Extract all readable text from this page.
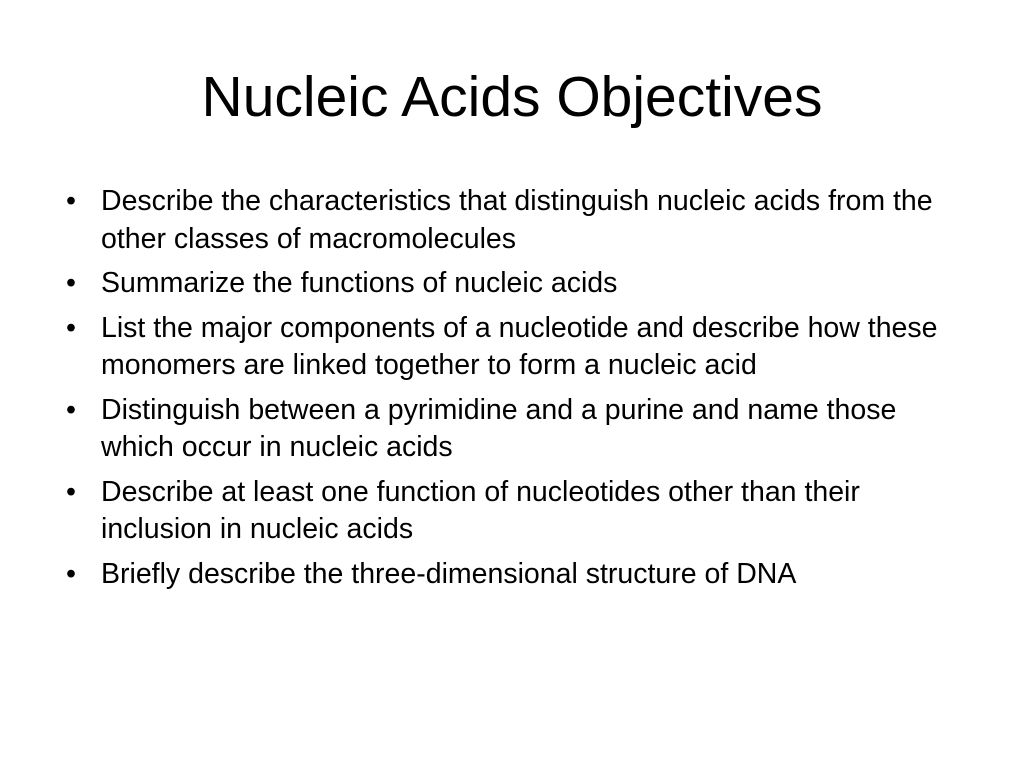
Nucleic Acids Objectives
• Describe the characteristics that distinguish nucleic acids from the other classes of macromolecules
• Summarize the functions of nucleic acids
• List the major components of a nucleotide and describe how these monomers are linked together to form a nucleic acid
• Distinguish between a pyrimidine and a purine and name those which occur in nucleic acids
• Describe at least one function of nucleotides other than their inclusion in nucleic acids
• Briefly describe the three-dimensional structure of DNA
